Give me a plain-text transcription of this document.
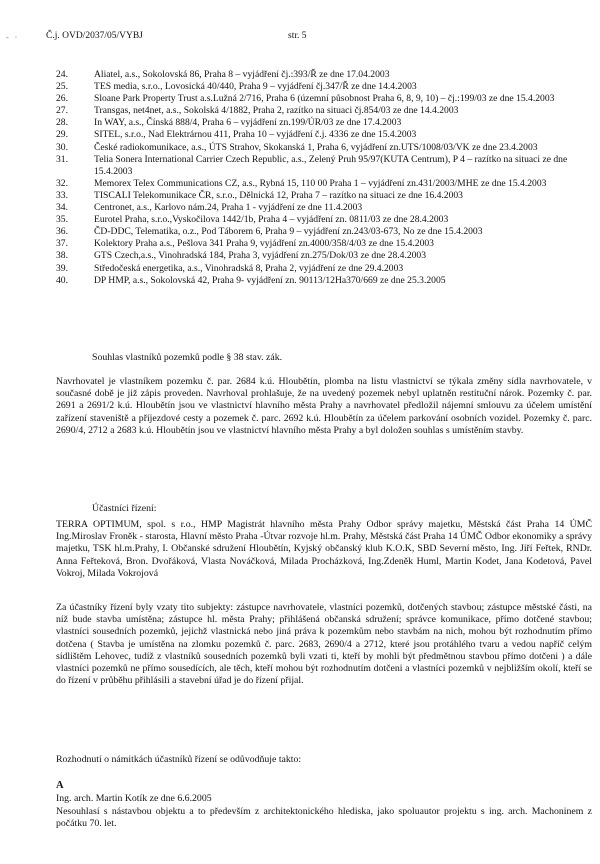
- ·	Č.j. OVD/2037/05/VYBJ	str. 5
24.	Aliatel, a.s., Sokolovská 86, Praha 8 – vyjádření čj.:393/Ř ze dne 17.04.2003
25.	TES media, s.r.o., Lovosická 40/440, Praha 9 – vyjádření čj.347/Ř ze dne 14.4.2003
26.	Sloane Park Property Trust a.s.Lužná 2/716, Praha 6 (územní působnost Praha 6, 8, 9, 10) – čj.:199/03 ze dne 15.4.2003
27.	Transgas, net4net, a.s., Sokolská 4/1882, Praha 2, razítko na situaci čj.854/03 ze dne 14.4.2003
28.	In WAY, a.s., Čínská 888/4, Praha 6 – vyjádření zn.199/ÚR/03 ze dne 17.4.2003
29.	SITEL, s.r.o., Nad Elektrárnou 411, Praha 10 – vyjádření č.j. 4336 ze dne 15.4.2003
30.	České radiokomunikace, a.s., ÚTS Strahov, Skokanská 1, Praha 6, vyjádření zn.UTS/1008/03/VK ze dne 23.4.2003
31.	Telia Sonera International Carrier Czech Republic, a.s., Zelený Pruh 95/97(KUTA Centrum), P 4 – razítko na situaci ze dne 15.4.2003
32.	Memorex Telex Communications CZ, a.s., Rybná 15, 110 00 Praha 1 – vyjádření zn.431/2003/MHE ze dne 15.4.2003
33.	TISCALI Telekomunikace ČR, s.r.o., Dělnická 12, Praha 7 – razítko na situaci ze dne 16.4.2003
34.	Centronet, a.s., Karlovo nám.24, Praha 1 - vyjádření ze dne 11.4.2003
35.	Eurotel Praha, s.r.o.,Vyskočilova 1442/1b, Praha 4 – vyjádření zn. 0811/03 ze dne 28.4.2003
36.	ČD-DDC, Telematika, o.z., Pod Táborem 6, Praha 9 – vyjádření zn.243/03-673, No ze dne 15.4.2003
37.	Kolektory Praha a.s., Pešlova 341 Praha 9, vyjádření zn.4000/358/4/03 ze dne 15.4.2003
38.	GTS Czech,a.s., Vinohradská 184, Praha 3, vyjádření zn.275/Dok/03 ze dne 28.4.2003
39.	Středočeská energetika, a.s., Vinohradská 8, Praha 2, vyjádření ze dne 29.4.2003
40.	DP HMP, a.s., Sokolovská 42, Praha 9- vyjádření zn. 90113/12Ha370/669 ze dne 25.3.2005
Souhlas vlastníků pozemků podle § 38 stav. zák.
Navrhovatel je vlastníkem pozemku č. par. 2684 k.ú. Hloubětín, plomba na listu vlastnictví se týkala změny sídla navrhovatele, v současné době je již zápis proveden. Navrhoval prohlašuje, že na uvedený pozemek nebyl uplatněn restituční nárok. Pozemky č. par. 2691 a 2691/2 k.ú. Hloubětín jsou ve vlastnictví hlavního města Prahy a navrhovatel předložil nájemní smlouvu za účelem umístění zařízení staveniště a příjezdové cesty a pozemek č. parc. 2692 k.ú. Hloubětín za účelem parkování osobních vozidel. Pozemky č. parc. 2690/4, 2712 a 2683 k.ú. Hloubětín jsou ve vlastnictví hlavního města Prahy a byl doložen souhlas s umístěním stavby.
Účastníci řízení:
TERRA OPTIMUM, spol. s r.o., HMP Magistrát hlavního města Prahy Odbor správy majetku, Městská část Praha 14 ÚMČ Ing.Miroslav Froněk - starosta, Hlavní město Praha -Útvar rozvoje hl.m. Prahy, Městská část Praha 14 ÚMČ Odbor ekonomiky a správy majetku, TSK hl.m.Prahy, I. Občanské sdružení Hloubětín, Kyjský občanský klub K.O.K, SBD Severní město, Ing. Jiří Feřtek, RNDr. Anna Feřteková, Bron. Dvořáková, Vlasta Nováčková, Milada Procházková, Ing.Zdeněk Huml, Martin Kodet, Jana Kodetová, Pavel Vokroj, Milada Vokrojová
Za účastníky řízení byly vzaty tito subjekty: zástupce navrhovatele, vlastníci pozemků, dotčených stavbou; zástupce městské části, na níž bude stavba umístěna; zástupce hl. města Prahy; přihlášená občanská sdružení; správce komunikace, přímo dotčené stavbou; vlastníci sousedních pozemků, jejichž vlastnická nebo jiná práva k pozemkům nebo stavbám na nich, mohou být rozhodnutím přímo dotčena ( Stavba je umístěna na zlomku pozemků č. parc. 2683, 2690/4 a 2712, které jsou protáhlého tvaru a vedou napříč celým sídlištěm Lehovec, tudíž z vlastníků sousedních pozemků byli vzati ti, kteří by mohli být předmětnou stavbou přímo dotčeni ) a dále vlastníci pozemků ne přímo sousedících, ale těch, kteří mohou být rozhodnutím dotčeni a vlastníci pozemků v nejbližším okolí, kteří se do řízení v průběhu přihlásili a stavební úřad je do řízení přijal.
Rozhodnutí o námitkách účastníků řízení se odůvodňuje takto:
A
Ing. arch. Martin Kotík ze dne 6.6.2005
Nesouhlasí s nástavbou objektu a to především z architektonického hlediska, jako spoluautor projektu s ing. arch. Machoninem z počátku 70. let.
